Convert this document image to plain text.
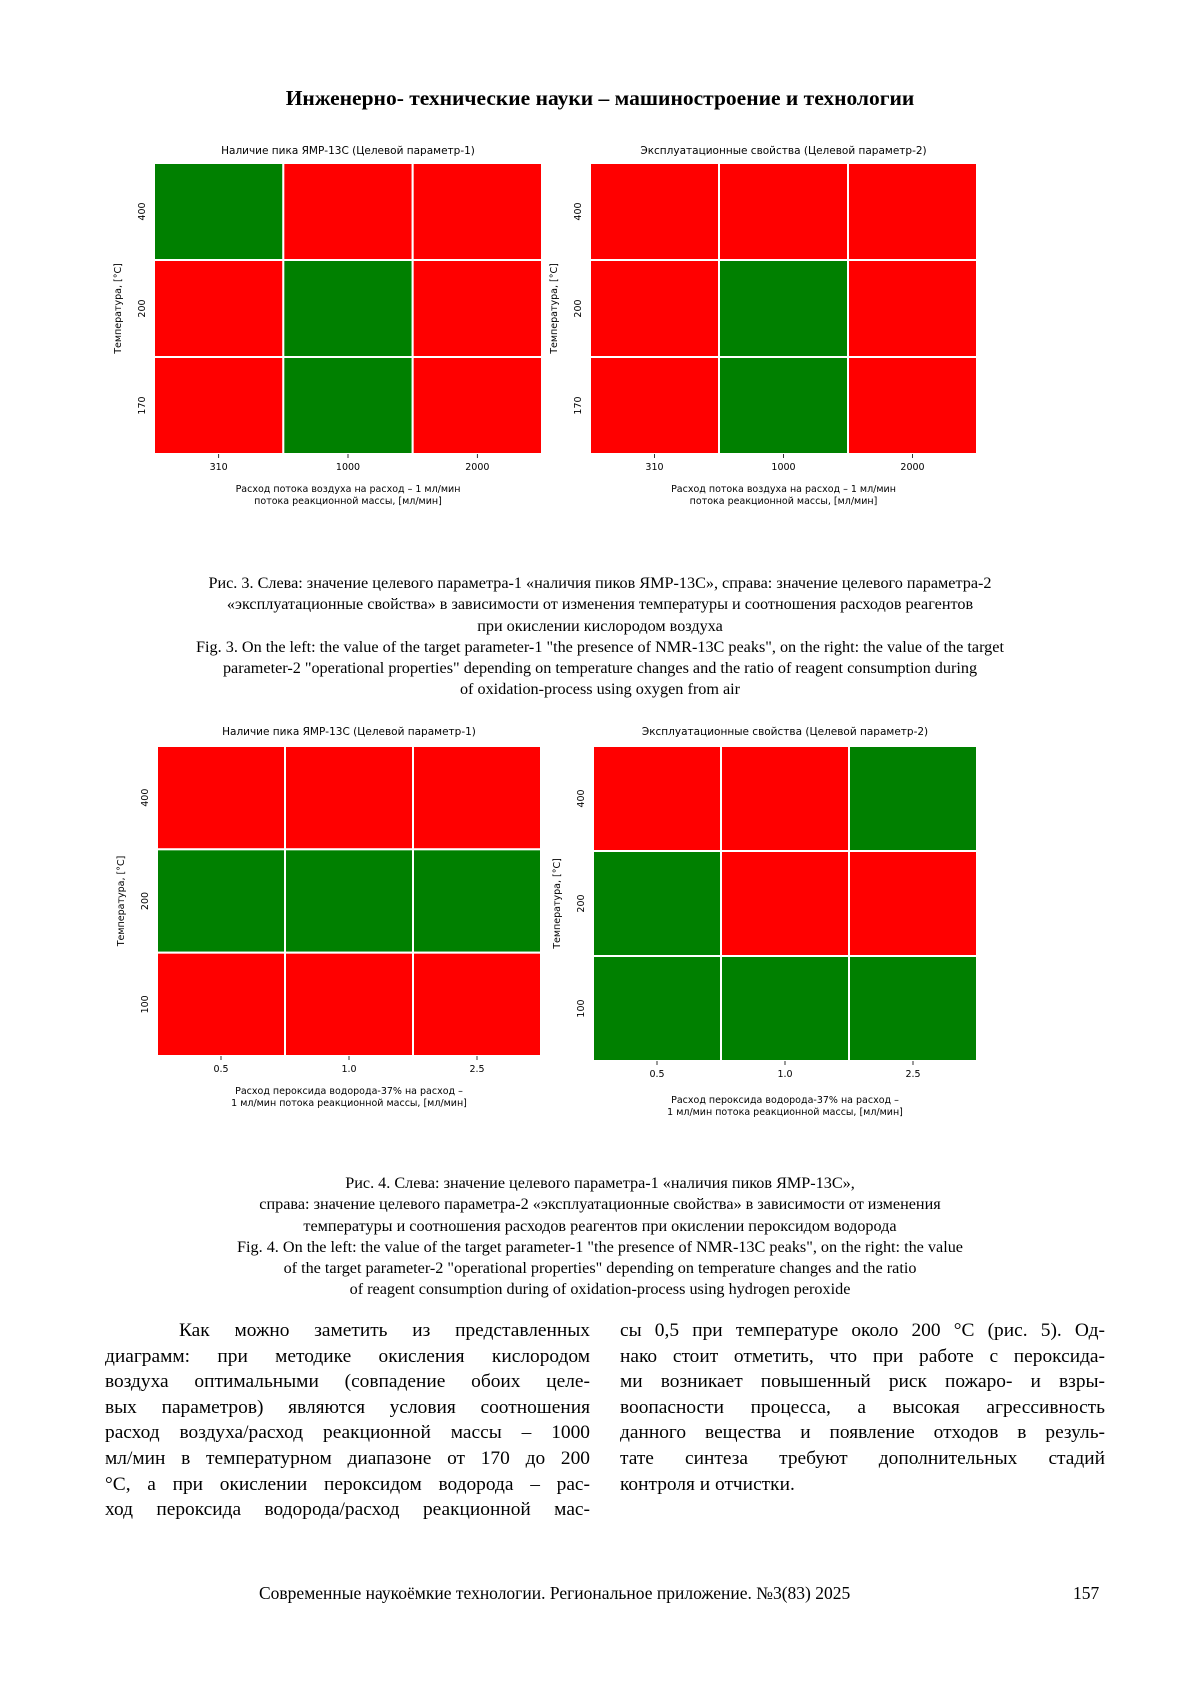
Инженерно- технические науки – машиностроение и технологии
Наличие пика ЯМР-13С (Целевой параметр-1)
310	1000	2000
400
200
170
Температура, [°С]
Расход потока воздуха на расход – 1 мл/мин
потока реакционной массы, [мл/мин]
Эксплуатационные свойства (Целевой параметр-2)
310	1000	2000
400
200
170
Температура, [°С]
Расход потока воздуха на расход – 1 мл/мин
потока реакционной массы, [мл/мин]
Рис. 3. Слева: значение целевого параметра-1 «наличия пиков ЯМР-13С», справа: значение целевого параметра-2
«эксплуатационные свойства» в зависимости от изменения температуры и соотношения расходов реагентов
при окислении кислородом воздуха
Fig. 3. On the left: the value of the target parameter-1 "the presence of NMR-13C peaks", on the right: the value of the target
parameter-2 "operational properties" depending on temperature changes and the ratio of reagent consumption during
of oxidation-process using oxygen from air
Наличие пика ЯМР-13С (Целевой параметр-1)
0.5	1.0	2.5
400
200
100
Температура, [°С]
Расход пероксида водорода-37% на расход –
1 мл/мин потока реакционной массы, [мл/мин]
Эксплуатационные свойства (Целевой параметр-2)
0.5	1.0	2.5
400
200
100
Температура, [°С]
Расход пероксида водорода-37% на расход –
1 мл/мин потока реакционной массы, [мл/мин]
Рис. 4. Слева: значение целевого параметра-1 «наличия пиков ЯМР-13С»,
справа: значение целевого параметра-2 «эксплуатационные свойства» в зависимости от изменения
температуры и соотношения расходов реагентов при окислении пероксидом водорода
Fig. 4. On the left: the value of the target parameter-1 "the presence of NMR-13C peaks", on the right: the value
of the target parameter-2 "operational properties" depending on temperature changes and the ratio
of reagent consumption during of oxidation-process using hydrogen peroxide
Как можно заметить из представленных
диаграмм: при методике окисления кислородом
воздуха оптимальными (совпадение обоих целе-
вых параметров) являются условия соотношения
расход воздуха/расход реакционной массы – 1000
мл/мин в температурном диапазоне от 170 до 200
°С, а при окислении пероксидом водорода – рас-
ход пероксида водорода/расход реакционной мас-
сы 0,5 при температуре около 200 °С (рис. 5). Од-
нако стоит отметить, что при работе с пероксида-
ми возникает повышенный риск пожаро- и взры-
воопасности процесса, а высокая агрессивность
данного вещества и появление отходов в резуль-
тате синтеза требуют дополнительных стадий
контроля и отчистки.
Современные наукоёмкие технологии. Региональное приложение. №3(83) 2025	157
